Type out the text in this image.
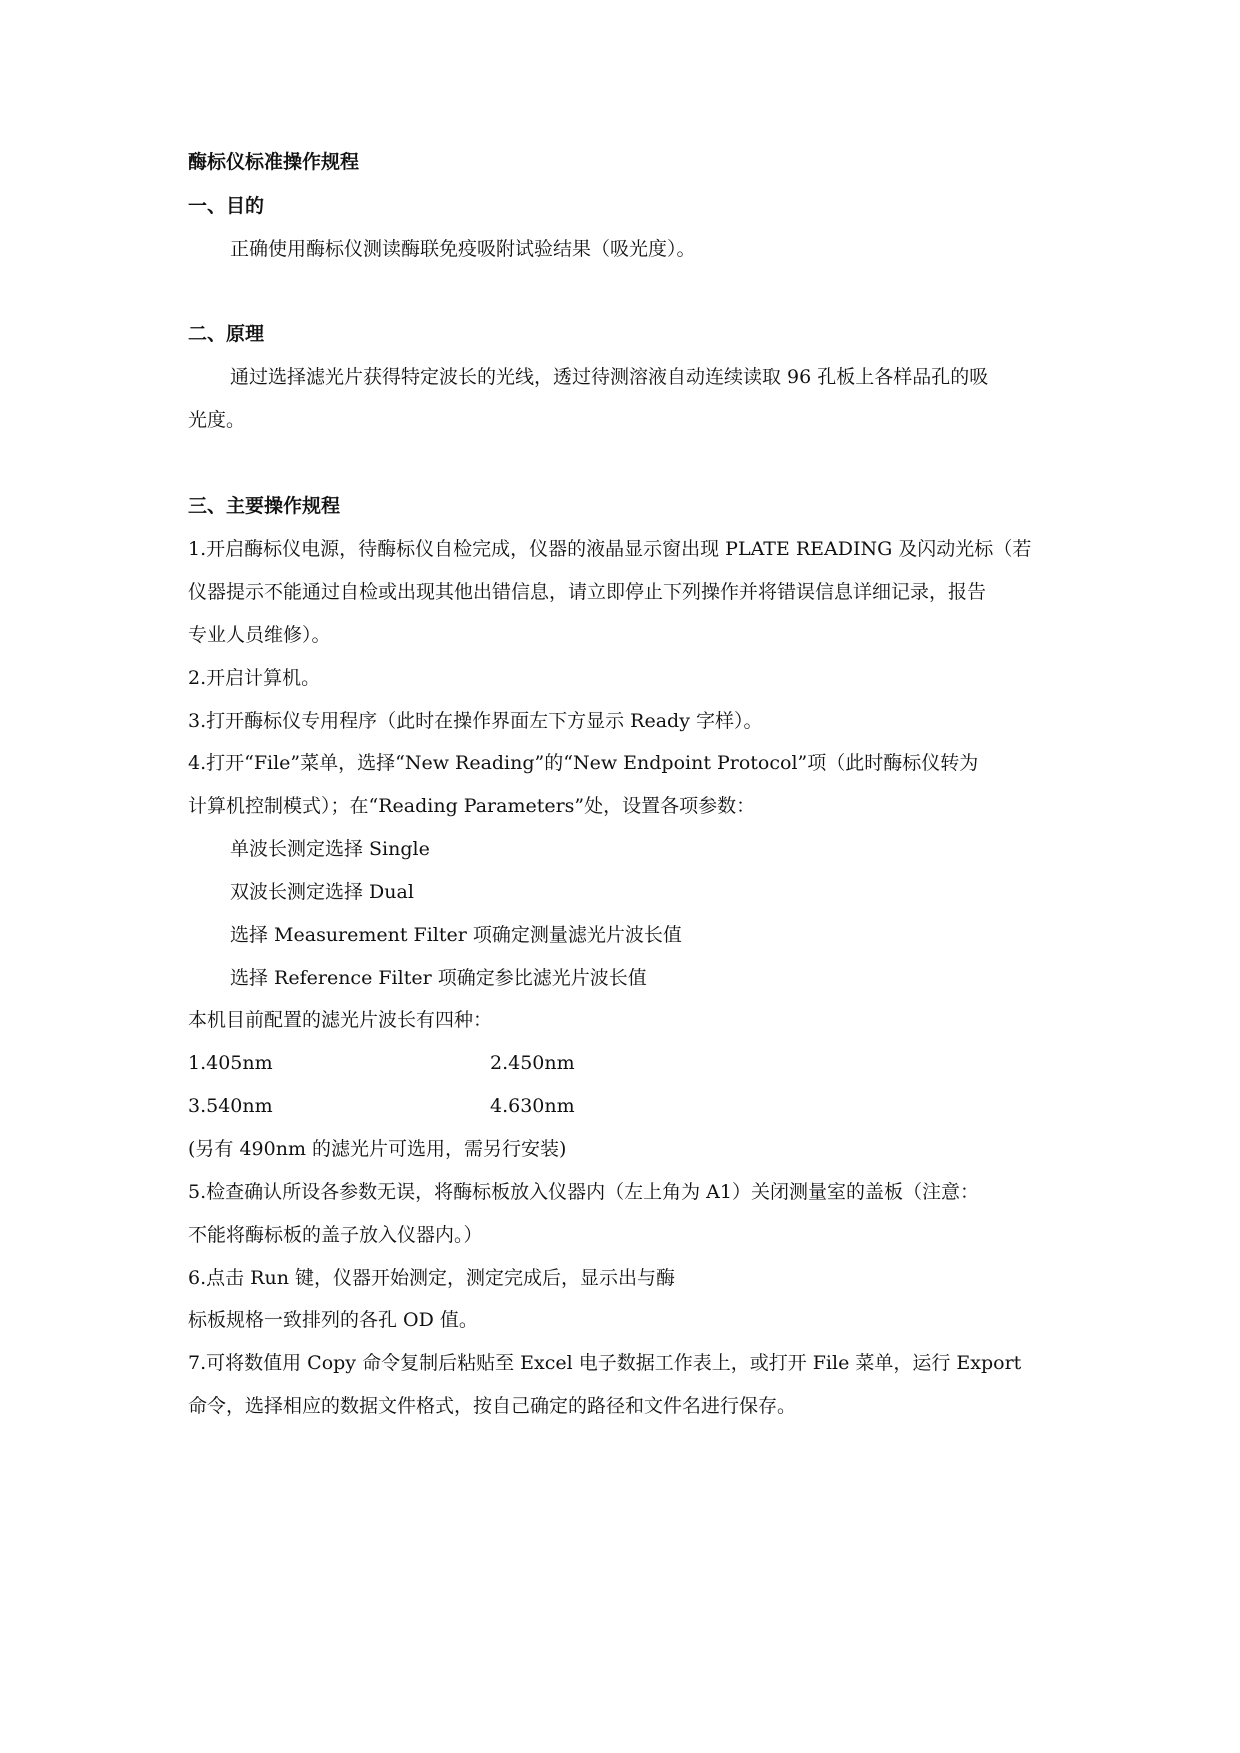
酶标仪标准操作规程
一、目的
正确使用酶标仪测读酶联免疫吸附试验结果（吸光度）。
二、原理
通过选择滤光片获得特定波长的光线，透过待测溶液自动连续读取 96 孔板上各样品孔的吸
光度。
三、主要操作规程
1.开启酶标仪电源，待酶标仪自检完成，仪器的液晶显示窗出现 PLATE READING 及闪动光标（若
仪器提示不能通过自检或出现其他出错信息，请立即停止下列操作并将错误信息详细记录，报告
专业人员维修）。
2.开启计算机。
3.打开酶标仪专用程序（此时在操作界面左下方显示 Ready 字样）。
4.打开“File”菜单，选择“New Reading”的“New Endpoint Protocol”项（此时酶标仪转为
计算机控制模式）；在“Reading Parameters”处，设置各项参数：
单波长测定选择 Single
双波长测定选择 Dual
选择 Measurement Filter 项确定测量滤光片波长值
选择 Reference Filter 项确定参比滤光片波长值
本机目前配置的滤光片波长有四种：
1.405nm	2.450nm
3.540nm	4.630nm
(另有 490nm 的滤光片可选用，需另行安装)
5.检查确认所设各参数无误，将酶标板放入仪器内（左上角为 A1）关闭测量室的盖板（注意：
不能将酶标板的盖子放入仪器内。）
6.点击 Run 键，仪器开始测定，测定完成后，显示出与酶
标板规格一致排列的各孔 OD 值。
7.可将数值用 Copy 命令复制后粘贴至 Excel 电子数据工作表上，或打开 File 菜单，运行 Export
命令，选择相应的数据文件格式，按自己确定的路径和文件名进行保存。
